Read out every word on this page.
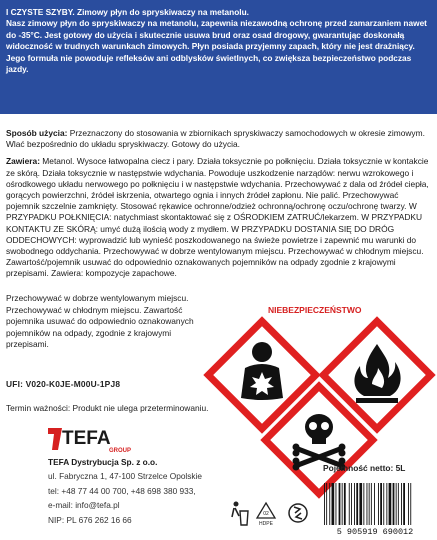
I CZYSTE SZYBY. Zimowy płyn do spryskiwaczy na metanolu.
Nasz zimowy płyn do spryskiwaczy na metanolu, zapewnia niezawodną ochronę przed zamarzaniem nawet do -35°C. Jest gotowy do użycia i skutecznie usuwa brud oraz osad drogowy, gwarantując doskonałą widoczność w trudnych warunkach zimowych. Płyn posiada przyjemny zapach, który nie jest drażniący. Jego formuła nie powoduje refleksów ani odblysków świetlnych, co zwiększa bezpieczeństwo podczas jazdy.
Sposób użycia: Przeznaczony do stosowania w zbiornikach spryskiwaczy samochodowych w okresie zimowym. Wlać bezpośrednio do układu spryskiwaczy. Gotowy do użycia.
Zawiera: Metanol. Wysoce łatwopalna ciecz i pary. Działa toksycznie po połknięciu. Działa toksycznie w kontakcie ze skórą. Działa toksycznie w następstwie wdychania. Powoduje uszkodzenie narządów: nerwu wzrokowego i ośrodkowego układu nerwowego po połknięciu i w następstwie wdychania. Przechowywać z dala od źródeł ciepła, gorących powierzchni, źródeł iskrzenia, otwartego ognia i innych źródeł zapłonu. Nie palić. Przechowywać pojemnik szczelnie zamknięty. Stosować rękawice ochronne/odzież ochronną/ochronę oczu/ochronę twarzy. W PRZYPADKU POŁKNIĘCIA: natychmiast skontaktować się z OŚRODKIEM ZATRUĆ/lekarzem. W PRZYPADKU KONTAKTU ZE SKÓRĄ: umyć dużą ilością wody z mydłem. W PRZYPADKU DOSTANIA SIĘ DO DRÓG ODDECHOWYCH: wyprowadzić lub wynieść poszkodowanego na świeże powietrze i zapewnić mu warunki do swobodnego oddychania. Przechowywać w dobrze wentylowanym miejscu. Przechowywać w chłodnym miejscu. Zawartość/pojemnik usuwać do odpowiednio oznakowanych pojemników na odpady zgodnie z krajowymi przepisami. Zawiera: kompozycje zapachowe.
Przechowywać w dobrze wentylowanym miejscu. Przechowywać w chłodnym miejscu. Zawartość pojemnika usuwać do odpowiednio oznakowanych pojemników na odpady, zgodnie z krajowymi przepisami.
UFI: V020-K0JE-M00U-1PJ8
Termin ważności: Produkt nie ulega przeterminowaniu.
NIEBEZPIECZEŃSTWO
TEFA
GROUP
TEFA Dystrybucja Sp. z o.o.
ul. Fabryczna 1, 47-100 Strzelce Opolskie
tel: +48 77 44 00 700, +48 698 380 933,
e-mail: info@tefa.pl
NIP: PL 676 262 16 66
Pojemność netto: 5L
02
HDPE
5 905919 690012
